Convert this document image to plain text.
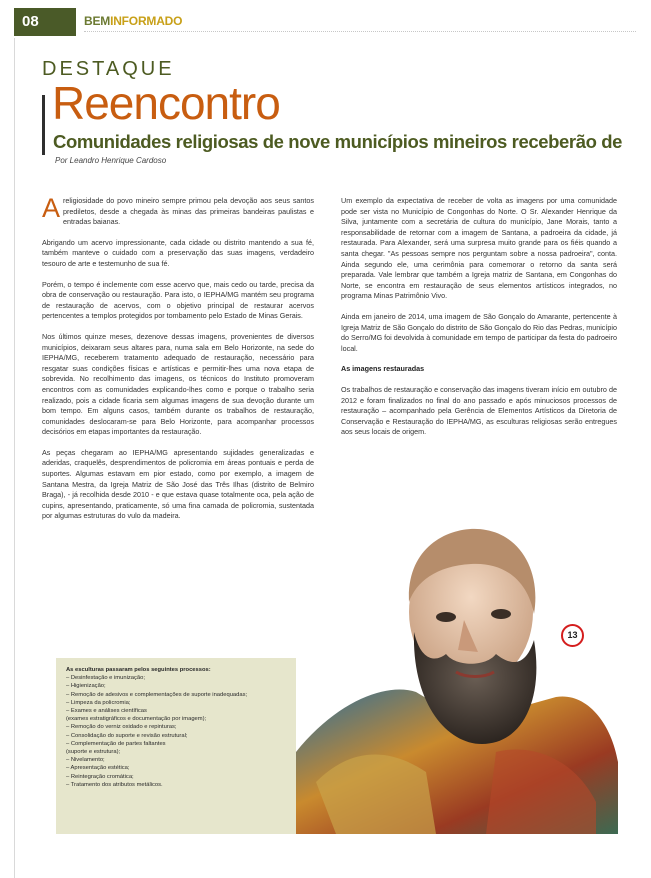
08	BEMINFORMADO
DESTAQUE
Reencontro
Comunidades religiosas de nove municípios mineiros receberão de
Por Leandro Henrique Cardoso

A religiosidade do povo mineiro sempre primou pela devoção aos seus santos prediletos, desde a chegada às minas das primeiras bandeiras paulistas e entradas baianas.

Abrigando um acervo impressionante, cada cidade ou distrito mantendo a sua fé, também manteve o cuidado com a preservação das suas imagens, verdadeiro tesouro de arte e testemunho de sua fé.

Porém, o tempo é inclemente com esse acervo que, mais cedo ou tarde, precisa da obra de conservação ou restauração. Para isto, o IEPHA/MG mantém seu programa de restauração de acervos, com o objetivo principal de restaurar acervos pertencentes a templos protegidos por tombamento pelo Estado de Minas Gerais.

Nos últimos quinze meses, dezenove dessas imagens, provenientes de diversos municípios, deixaram seus altares para, numa sala em Belo Horizonte, na sede do IEPHA/MG, receberem tratamento adequado de restauração, necessário para resgatar suas condições físicas e artísticas e permitir-lhes uma nova etapa de sobrevida. No recolhimento das imagens, os técnicos do Instituto promoveram encontros com as comunidades explicando-lhes como e porque o trabalho seria realizado, pois a cidade ficaria sem algumas imagens de sua devoção durante um bom tempo. Em alguns casos, também durante os trabalhos de restauração, comunidades deslocaram-se para Belo Horizonte, para acompanhar processos decisórios em etapas importantes da restauração.

As peças chegaram ao IEPHA/MG apresentando sujidades generalizadas e aderidas, craquelês, desprendimentos de policromia em áreas pontuais e perda de suportes. Algumas estavam em pior estado, como por exemplo, a imagem de Santana Mestra, da Igreja Matriz de São José das Três Ilhas (distrito de Belmiro Braga), - já recolhida desde 2010 - e que estava quase totalmente oca, pela ação de cupins, apresentando, praticamente, só uma fina camada de policromia, sustentada por algumas estruturas do vulo da madeira.

Um exemplo da expectativa de receber de volta as imagens por uma comunidade pode ser vista no Município de Congonhas do Norte. O Sr. Alexander Henrique da Silva, juntamente com a secretária de cultura do município, Jane Morais, tanto a responsabilidade de retornar com a imagem de Santana, a padroeira da cidade, já restaurada. Para Alexander, será uma surpresa muito grande para os fiéis quando a santa chegar. "As pessoas sempre nos perguntam sobre a nossa padroeira", conta. Ainda segundo ele, uma cerimônia para comemorar o retorno da santa será preparada. Vale lembrar que também a Igreja matriz de Santana, em Congonhas do Norte, se encontra em restauração de seus elementos artísticos integrados, no programa Minas Patrimônio Vivo.

Ainda em janeiro de 2014, uma imagem de São Gonçalo do Amarante, pertencente à Igreja Matriz de São Gonçalo do distrito de São Gonçalo do Rio das Pedras, município do Serro/MG foi devolvida à comunidade em tempo de participar da festa do padroeiro local.

As imagens restauradas

Os trabalhos de restauração e conservação das imagens tiveram início em outubro de 2012 e foram finalizados no final do ano passado e após minuciosos processos de restauração – acompanhado pela Gerência de Elementos Artísticos da Diretoria de Conservação e Restauração do IEPHA/MG, as esculturas religiosas serão entregues aos seus locais de origem.

13
As esculturas passaram pelos seguintes processos:
– Desinfestação e imunização;
– Higienização;
– Remoção de adesivos e complementações de suporte inadequadas;
– Limpeza da policromia;
– Exames e análises científicas
(exames estratigráficos e documentação por imagem);
– Remoção do verniz oxidado e repinturas;
– Consolidação do suporte e revisão estrutural;
– Complementação de partes faltantes
(suporte e estrutura);
– Nivelamento;
– Apresentação estética;
– Reintegração cromática;
– Tratamento dos atributos metálicos.
